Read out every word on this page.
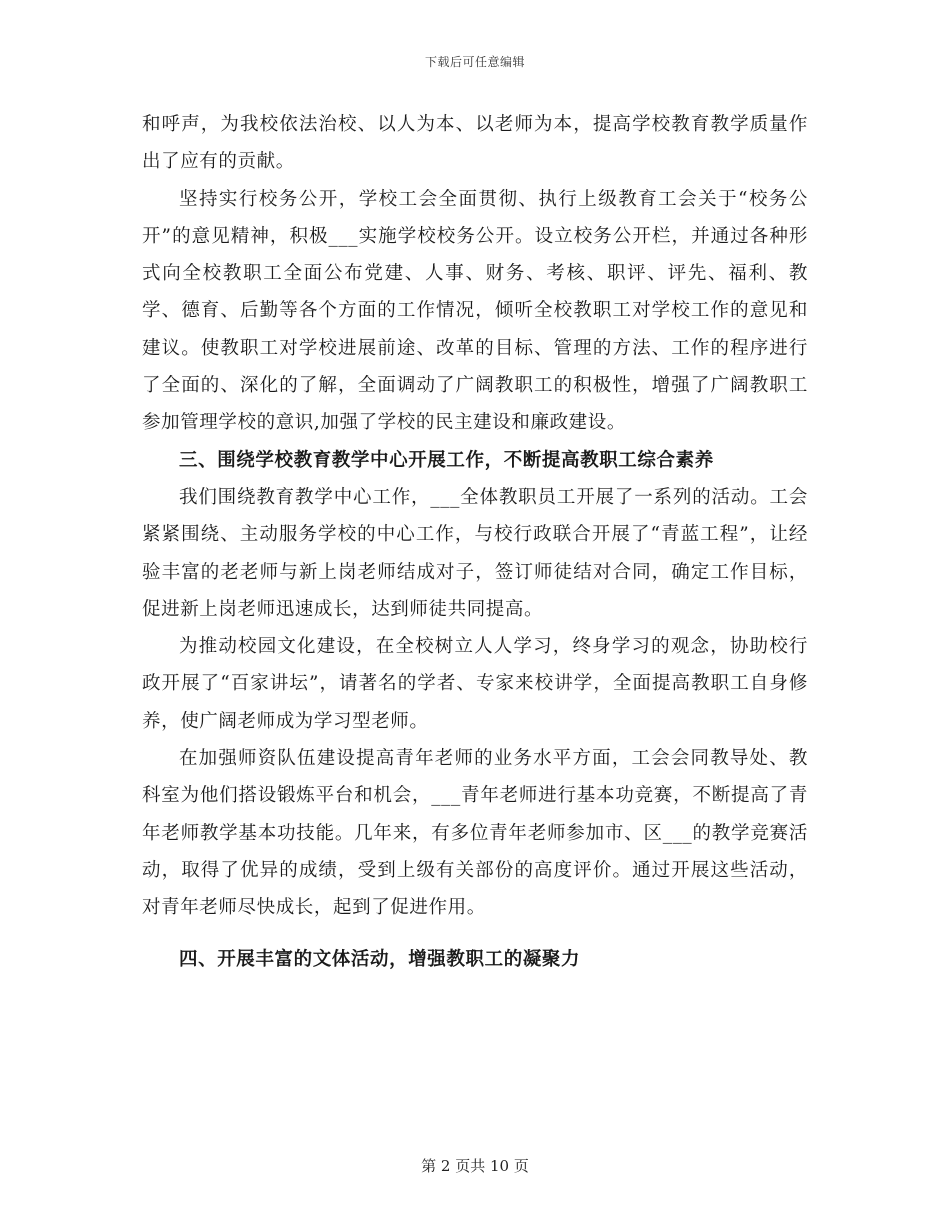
下载后可任意编辑

和呼声，为我校依法治校、以人为本、以老师为本，提高学校教育教学质量作出了应有的贡献。

坚持实行校务公开，学校工会全面贯彻、执行上级教育工会关于“校务公开”的意见精神，积极___实施学校校务公开。设立校务公开栏，并通过各种形式向全校教职工全面公布党建、人事、财务、考核、职评、评先、福利、教学、德育、后勤等各个方面的工作情况，倾听全校教职工对学校工作的意见和建议。使教职工对学校进展前途、改革的目标、管理的方法、工作的程序进行了全面的、深化的了解，全面调动了广阔教职工的积极性，增强了广阔教职工参加管理学校的意识,加强了学校的民主建设和廉政建设。

三、围绕学校教育教学中心开展工作，不断提高教职工综合素养

我们围绕教育教学中心工作，___全体教职员工开展了一系列的活动。工会紧紧围绕、主动服务学校的中心工作，与校行政联合开展了“青蓝工程”，让经验丰富的老老师与新上岗老师结成对子，签订师徒结对合同，确定工作目标，促进新上岗老师迅速成长，达到师徒共同提高。

为推动校园文化建设，在全校树立人人学习，终身学习的观念，协助校行政开展了“百家讲坛”，请著名的学者、专家来校讲学，全面提高教职工自身修养，使广阔老师成为学习型老师。

在加强师资队伍建设提高青年老师的业务水平方面，工会会同教导处、教科室为他们搭设锻炼平台和机会，___青年老师进行基本功竞赛，不断提高了青年老师教学基本功技能。几年来，有多位青年老师参加市、区___的教学竞赛活动，取得了优异的成绩，受到上级有关部份的高度评价。通过开展这些活动，对青年老师尽快成长，起到了促进作用。

四、开展丰富的文体活动，增强教职工的凝聚力

第 2 页共 10 页
